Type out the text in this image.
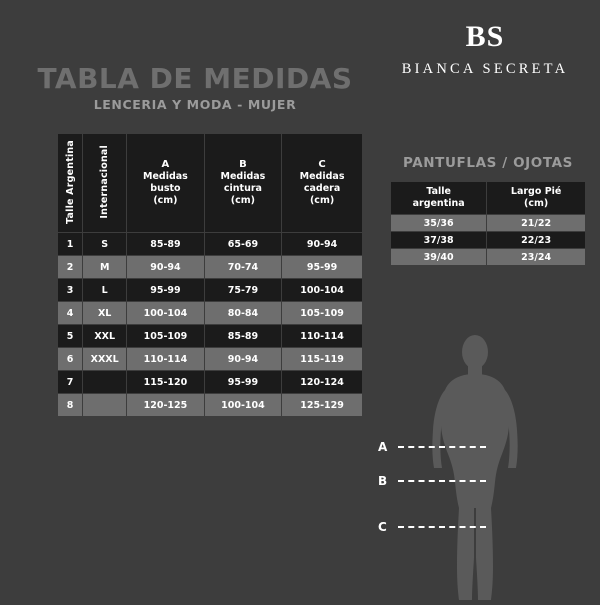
BS
BIANCA SECRETA
TABLA DE MEDIDAS
LENCERIA Y MODA - MUJER
Talle Argentina	Internacional	A
Medidas
busto
(cm)	B
Medidas
cintura
(cm)	C
Medidas
cadera
(cm)

1	S	85-89	65-69	90-94
2	M	90-94	70-74	95-99
3	L	95-99	75-79	100-104
4	XL	100-104	80-84	105-109
5	XXL	105-109	85-89	110-114
6	XXXL	110-114	90-94	115-119
7		115-120	95-99	120-124
8		120-125	100-104	125-129
PANTUFLAS / OJOTAS
Talle
argentina	Largo Pié
(cm)

35/36	21/22
37/38	22/23
39/40	23/24
A
B
C
